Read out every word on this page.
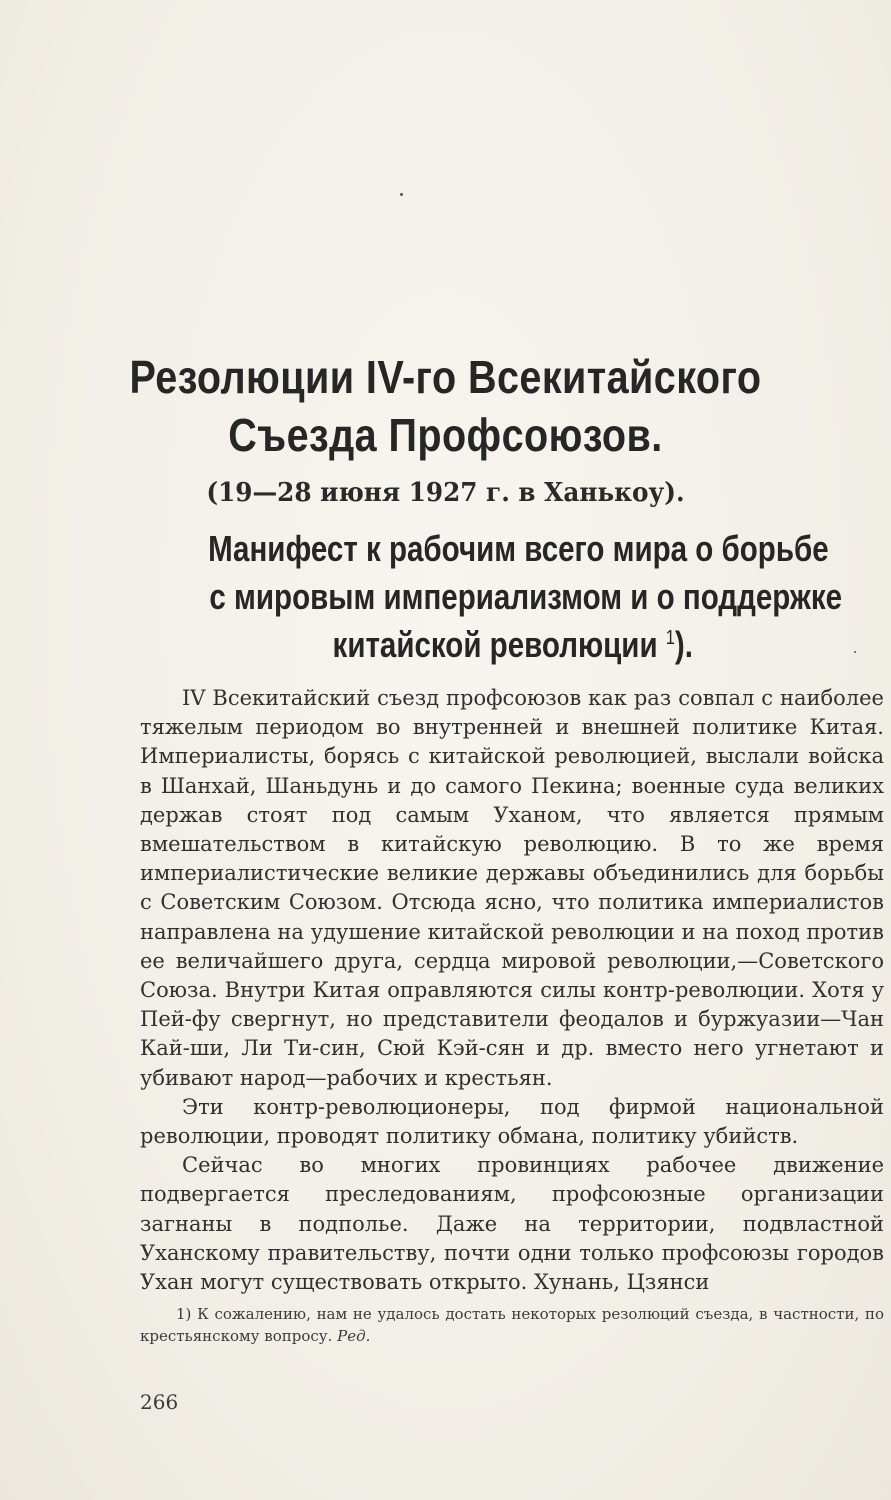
Резолюции IV-го Всекитайского
Съезда Профсоюзов.
(19—28 июня 1927 г. в Ханькоу).
Манифест к рабочим всего мира о борьбе
с мировым империализмом и о поддержке
китайской революции $^1$).

IV Всекитайский съезд профсоюзов как раз совпал с наиболее тяжелым периодом во внутренней и внешней политике Китая. Империалисты, борясь с китайской революцией, выслали войска в Шанхай, Шаньдунь и до самого Пекина; военные суда великих держав стоят под самым Уханом, что является прямым вмешательством в китайскую революцию. В то же время империалистические великие державы объединились для борьбы с Советским Союзом. Отсюда ясно, что политика империалистов направлена на удушение китайской революции и на поход против ее величайшего друга, сердца мировой революции,—Советского Союза. Внутри Китая оправляются силы контр-революции. Хотя у Пей-фу свергнут, но представители феодалов и буржуазии—Чан Кай-ши, Ли Ти-син, Сюй Кэй-сян и др. вместо него угнетают и убивают народ—рабочих и крестьян.

Эти контр-революционеры, под фирмой национальной революции, проводят политику обмана, политику убийств.

Сейчас во многих провинциях рабочее движение подвергается преследованиям, профсоюзные организации загнаны в подполье. Даже на территории, подвластной Уханскому правительству, почти одни только профсоюзы городов Ухан могут существовать открыто. Хунань, Цзянси

1) К сожалению, нам не удалось достать некоторых резолюций съезда, в частности, по крестьянскому вопросу. Ред.
266
